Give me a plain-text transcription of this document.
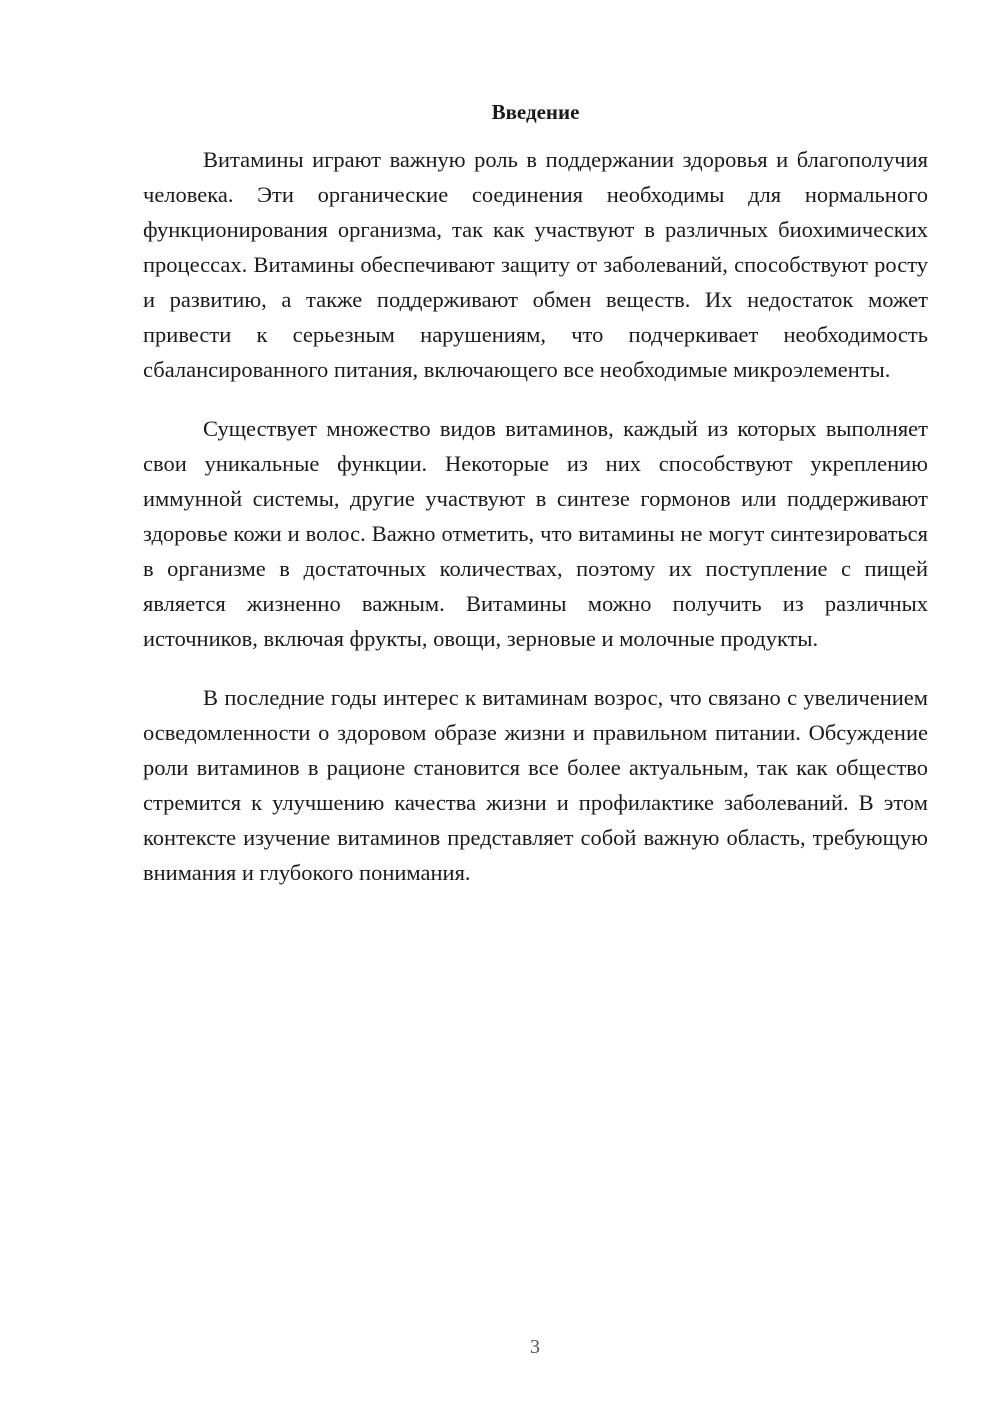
Введение

Витамины играют важную роль в поддержании здоровья и благополучия человека. Эти органические соединения необходимы для нормального функционирования организма, так как участвуют в различных биохимических процессах. Витамины обеспечивают защиту от заболеваний, способствуют росту и развитию, а также поддерживают обмен веществ. Их недостаток может привести к серьезным нарушениям, что подчеркивает необходимость сбалансированного питания, включающего все необходимые микроэлементы.

Существует множество видов витаминов, каждый из которых выполняет свои уникальные функции. Некоторые из них способствуют укреплению иммунной системы, другие участвуют в синтезе гормонов или поддерживают здоровье кожи и волос. Важно отметить, что витамины не могут синтезироваться в организме в достаточных количествах, поэтому их поступление с пищей является жизненно важным. Витамины можно получить из различных источников, включая фрукты, овощи, зерновые и молочные продукты.

В последние годы интерес к витаминам возрос, что связано с увеличением осведомленности о здоровом образе жизни и правильном питании. Обсуждение роли витаминов в рационе становится все более актуальным, так как общество стремится к улучшению качества жизни и профилактике заболеваний. В этом контексте изучение витаминов представляет собой важную область, требующую внимания и глубокого понимания.

3
